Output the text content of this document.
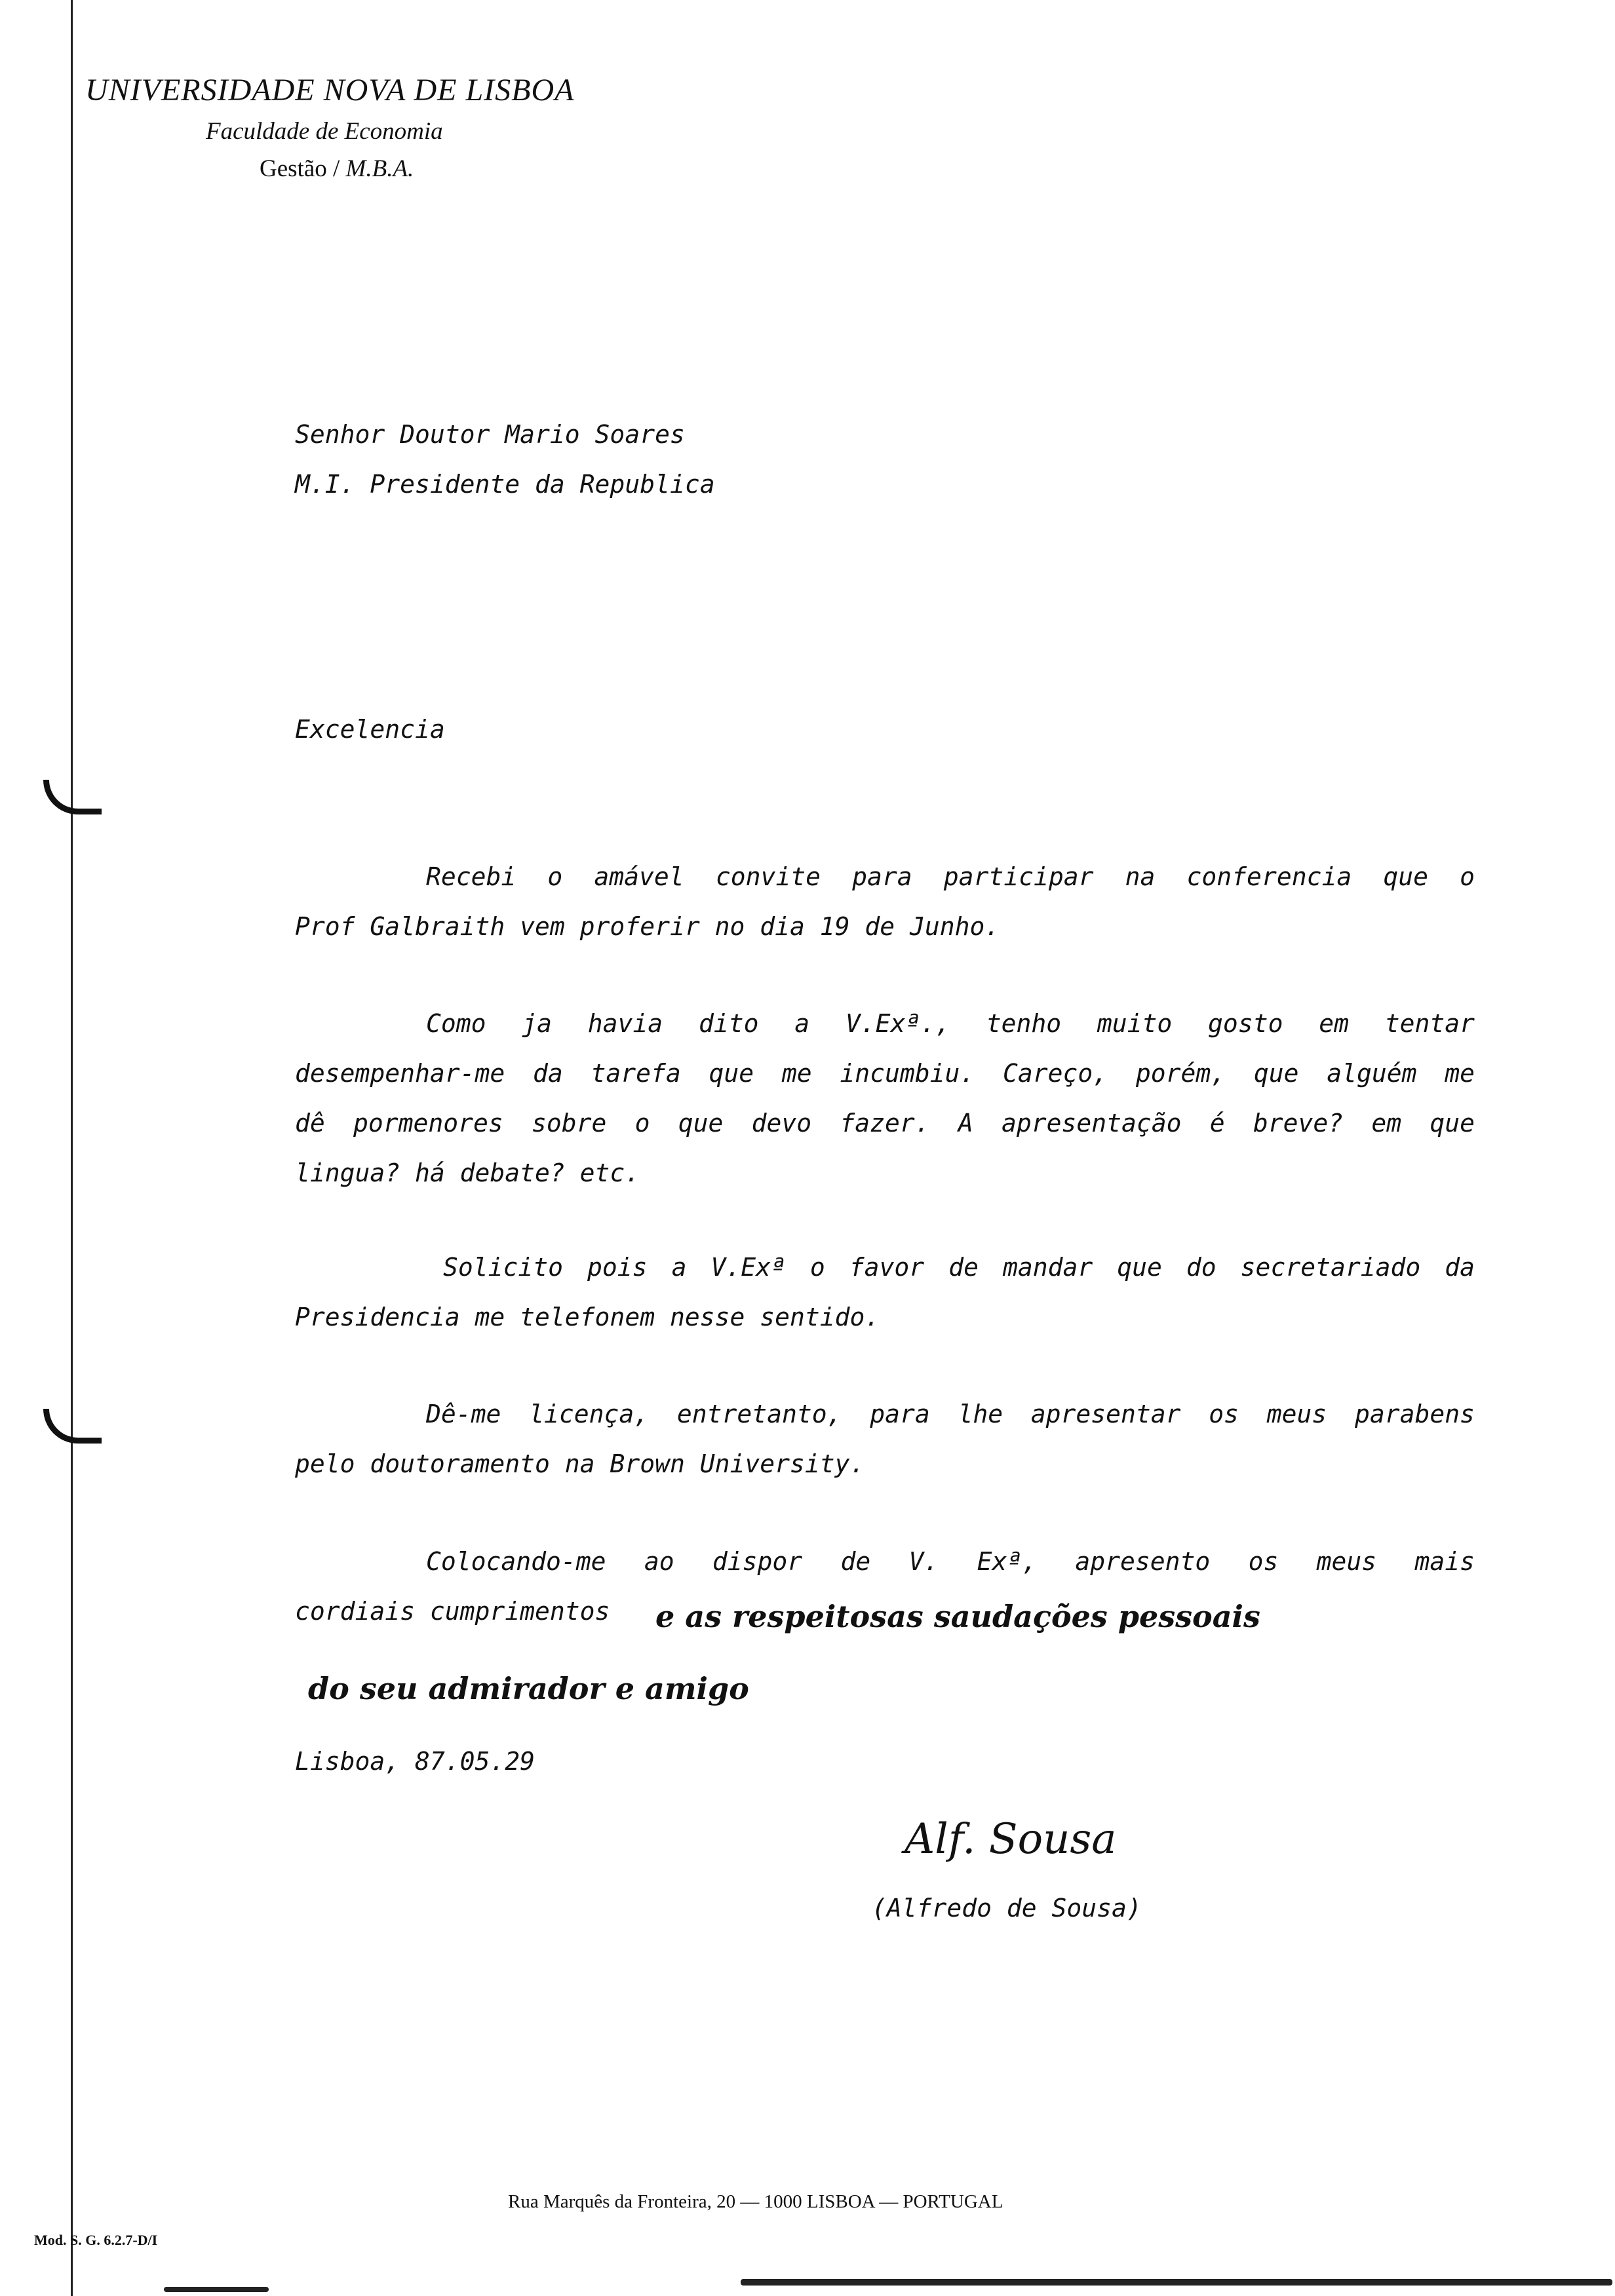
UNIVERSIDADE NOVA DE LISBOA
Faculdade de Economia
Gestão / M.B.A.
Senhor Doutor Mario Soares
M.I. Presidente da Republica
Excelencia
Recebi o amável convite para participar na conferencia que o
Prof Galbraith vem proferir no dia 19 de Junho.
Como ja havia dito a V.Exª., tenho muito gosto em tentar
desempenhar-me da tarefa que me incumbiu. Careço, porém, que alguém me
dê pormenores sobre o que devo fazer. A apresentação é breve? em que
lingua? há debate? etc.
Solicito pois a V.Exª o favor de mandar que do secretariado da
Presidencia me telefonem nesse sentido.
Dê-me licença, entretanto, para lhe apresentar os meus parabens
pelo doutoramento na Brown University.
Colocando-me ao dispor de V. Exª, apresento os meus mais
cordiais cumprimentos	e as respeitosas saudações pessoais
do seu admirador e amigo
Lisboa, 87.05.29
Alf. Sousa
(Alfredo de Sousa)
Rua Marquês da Fronteira, 20 — 1000 LISBOA — PORTUGAL
Mod. S. G. 6.2.7-D/I
